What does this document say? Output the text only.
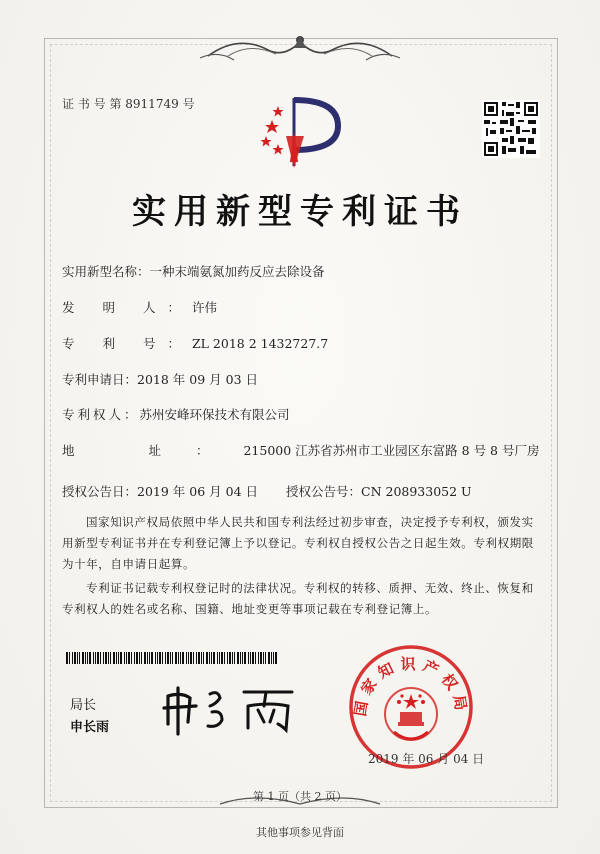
证 书 号 第 8911749 号
实用新型专利证书
实用新型名称：一种末端氨氮加药反应去除设备
发 明 人：许伟
专 利 号：ZL 2018 2 1432727.7
专利申请日：2018 年 09 月 03 日
专利权人：苏州安峰环保技术有限公司
地 址：215000 江苏省苏州市工业园区东富路 8 号 8 号厂房
授权公告日：2019 年 06 月 04 日 授权公告号：CN 208933052 U
国家知识产权局依照中华人民共和国专利法经过初步审查，决定授予专利权，颁发实用新型专利证书并在专利登记簿上予以登记。专利权自授权公告之日起生效。专利权期限为十年，自申请日起算。
专利证书记载专利权登记时的法律状况。专利权的转移、质押、无效、终止、恢复和专利权人的姓名或名称、国籍、地址变更等事项记载在专利登记簿上。
局长
申长雨
国家知识产权局
2019 年 06 月 04 日
第 1 页（共 2 页）
其他事项参见背面
